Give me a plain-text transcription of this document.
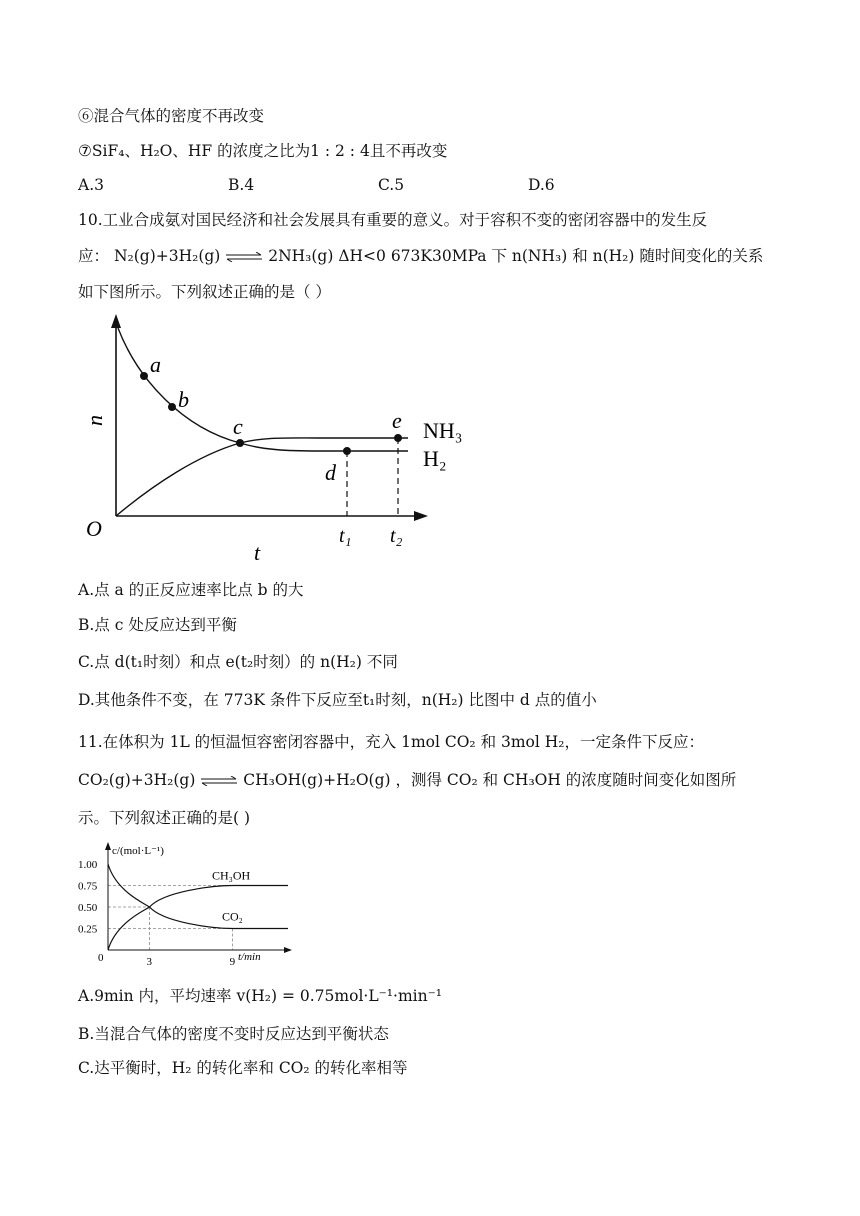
⑥混合气体的密度不再改变
⑦SiF₄、H₂O、HF 的浓度之比为1 : 2 : 4且不再改变
A.3	B.4	C.5	D.6
10.工业合成氨对国民经济和社会发展具有重要的意义。对于容积不变的密闭容器中的发生反
应： N₂(g)+3H₂(g) ⇌ 2NH₃(g) ΔH<0 673K30MPa 下 n(NH₃) 和 n(H₂) 随时间变化的关系
如下图所示。下列叙述正确的是（ ）
a
b
c
d
e NH₃
H₂
n
t
O	t₁ t₂
A.点 a 的正反应速率比点 b 的大
B.点 c 处反应达到平衡
C.点 d(t₁时刻）和点 e(t₂时刻）的 n(H₂) 不同
D.其他条件不变，在 773K 条件下反应至t₁时刻，n(H₂) 比图中 d 点的值小
11.在体积为 1L 的恒温恒容密闭容器中，充入 1mol CO₂ 和 3mol H₂，一定条件下反应：
CO₂(g)+3H₂(g) ⇌ CH₃OH(g)+H₂O(g) ，测得 CO₂ 和 CH₃OH 的浓度随时间变化如图所
示。下列叙述正确的是( )
1.00
0.75
0.50
0.25
0	3	9
c/(mol·L⁻¹)
t/min
CH₃OH
CO₂
A.9min 内，平均速率 v(H₂) = 0.75mol·L⁻¹·min⁻¹
B.当混合气体的密度不变时反应达到平衡状态
C.达平衡时，H₂ 的转化率和 CO₂ 的转化率相等
